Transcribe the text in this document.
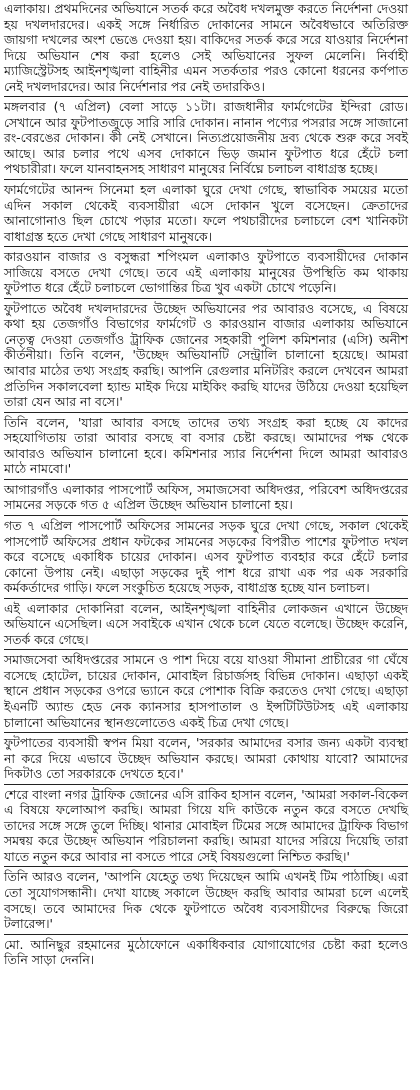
এলাকায়। প্রথমদিনের অভিযানে সতর্ক করে অবৈধ দখলমুক্ত করতে নির্দেশনা দেওয়া হয় দখলদারদের। একই সঙ্গে নির্ধারিত দোকানের সামনে অবৈধভাবে অতিরিক্ত জায়গা দখলের অংশ ভেঙে দেওয়া হয়। বাকিদের সতর্ক করে সরে যাওয়ার নির্দেশনা দিয়ে অভিযান শেষ করা হলেও সেই অভিযানের সুফল মেলেনি। নির্বাহী ম্যাজিস্ট্রেটসহ আইনশৃঙ্খলা বাহিনীর এমন সতর্কতার পরও কোনো ধরনের কর্ণপাত নেই দখলদারদের। আর নির্দেশনার পর নেই তদারকিও।

মঙ্গলবার (৭ এপ্রিল) বেলা সাড়ে ১১টা। রাজধানীর ফার্মগেটের ইন্দিরা রোড। সেখানে আর ফুটপাতজুড়ে সারি সারি দোকান। নানান পণ্যের পসরার সঙ্গে সাজানো রং-বেরঙের দোকান। কী নেই সেখানে। নিত্যপ্রয়োজনীয় দ্রব্য থেকে শুরু করে সবই আছে। আর চলার পথে এসব দোকানে ভিড় জমান ফুটপাত ধরে হেঁটে চলা পথচারীরা। ফলে যানবাহনসহ সাধারণ মানুষের নির্বিঘ্নে চলাচল বাধাগ্রস্ত হচ্ছে।

ফার্মগেটের আনন্দ সিনেমা হল এলাকা ঘুরে দেখা গেছে, স্বাভাবিক সময়ের মতো এদিন সকাল থেকেই ব্যবসায়ীরা এসে দোকান খুলে বসেছেন। ক্রেতাদের আনাগোনাও ছিল চোখে পড়ার মতো। ফলে পথচারীদের চলাচলে বেশ খানিকটা বাধাগ্রস্ত হতে দেখা গেছে সাধারণ মানুষকে।

কারওয়ান বাজার ও বসুন্ধরা শপিংমল এলাকাও ফুটপাতে ব্যবসায়ীদের দোকান সাজিয়ে বসতে দেখা গেছে। তবে এই এলাকায় মানুষের উপস্থিতি কম থাকায় ফুটপাত ধরে হেঁটে চলাচলে ভোগান্তির চিত্র খুব একটা চোখে পড়েনি।

ফুটপাতে অবৈধ দখলদারদের উচ্ছেদ অভিযানের পর আবারও বসেছে, এ বিষয়ে কথা হয় তেজগাঁও বিভাগের ফার্মগেট ও কারওয়ান বাজার এলাকায় অভিযানে নেতৃত্ব দেওয়া তেজগাঁও ট্রাফিক জোনের সহকারী পুলিশ কমিশনার (এসি) অনীশ কীর্তনীয়া। তিনি বলেন, 'উচ্ছেদ অভিযানটি সেন্ট্রালি চালানো হয়েছে। আমরা আবার মাঠের তথ্য সংগ্রহ করছি। আপনি রেগুলার মনিটরিং করলে দেখবেন আমরা প্রতিদিন সকালবেলা হ্যান্ড মাইক দিয়ে মাইকিং করছি যাদের উঠিয়ে দেওয়া হয়েছিল তারা যেন আর না বসে।'

তিনি বলেন, 'যারা আবার বসছে তাদের তথ্য সংগ্রহ করা হচ্ছে যে কাদের সহযোগিতায় তারা আবার বসছে বা বসার চেষ্টা করছে। আমাদের পক্ষ থেকে আবারও অভিযান চালানো হবে। কমিশনার স্যার নির্দেশনা দিলে আমরা আবারও মাঠে নামবো।'

আগারগাঁও এলাকার পাসপোর্ট অফিস, সমাজসেবা অধিদপ্তর, পরিবেশ অধিদপ্তরের সামনের সড়কে গত ৫ এপ্রিল উচ্ছেদ অভিযান চালানো হয়।

গত ৭ এপ্রিল পাসপোর্ট অফিসের সামনের সড়ক ঘুরে দেখা গেছে, সকাল থেকেই পাসপোর্ট অফিসের প্রধান ফটকের সামনের সড়কের বিপরীত পাশের ফুটপাত দখল করে বসেছে একাধিক চায়ের দোকান। এসব ফুটপাত ব্যবহার করে হেঁটে চলার কোনো উপায় নেই। এছাড়া সড়কের দুই পাশ ধরে রাখা এক পর এক সরকারি কর্মকর্তাদের গাড়ি। ফলে সংকুচিত হয়েছে সড়ক, বাধাগ্রস্ত হচ্ছে যান চলাচল।

এই এলাকার দোকানিরা বলেন, আইনশৃঙ্খলা বাহিনীর লোকজন এখানে উচ্ছেদ অভিযানে এসেছিল। এসে সবাইকে এখান থেকে চলে যেতে বলেছে। উচ্ছেদ করেনি, সতর্ক করে গেছে।

সমাজসেবা অধিদপ্তরের সামনে ও পাশ দিয়ে বয়ে যাওয়া সীমানা প্রাচীরের গা ঘেঁষে বসেছে হোটেল, চায়ের দোকান, মোবাইল রিচার্জসহ বিভিন্ন দোকান। এছাড়া একই স্থানে প্রধান সড়কের ওপরে ভ্যানে করে পোশাক বিক্রি করতেও দেখা গেছে। এছাড়া ইএনটি অ্যান্ড হেড নেক ক্যানসার হাসপাতাল ও ইন্সটিটিউটসহ এই এলাকায় চালানো অভিযানের স্থানগুলোতেও একই চিত্র দেখা গেছে।

ফুটপাতের ব্যবসায়ী স্বপন মিয়া বলেন, 'সরকার আমাদের বসার জন্য একটা ব্যবস্থা না করে দিয়ে এভাবে উচ্ছেদ অভিযান করছে। আমরা কোথায় যাবো? আমাদের দিকটাও তো সরকারকে দেখতে হবে।'

শেরে বাংলা নগর ট্রাফিক জোনের এসি রাকিব হাসান বলেন, 'আমরা সকাল-বিকেল এ বিষয়ে ফলোআপ করছি। আমরা গিয়ে যদি কাউকে নতুন করে বসতে দেখছি তাদের সঙ্গে সঙ্গে তুলে দিচ্ছি। থানার মোবাইল টিমের সঙ্গে আমাদের ট্রাফিক বিভাগ সমন্বয় করে উচ্ছেদ অভিযান পরিচালনা করছি। আমরা যাদের সরিয়ে দিয়েছি তারা যাতে নতুন করে আবার না বসতে পারে সেই বিষয়গুলো নিশ্চিত করছি।'

তিনি আরও বলেন, 'আপনি যেহেতু তথ্য দিয়েছেন আমি এখনই টিম পাঠাচ্ছি। এরা তো সুযোগসন্ধানী। দেখা যাচ্ছে সকালে উচ্ছেদ করছি আবার আমরা চলে এলেই বসছে। তবে আমাদের দিক থেকে ফুটপাতে অবৈধ ব্যবসায়ীদের বিরুদ্ধে জিরো টলারেন্স।'

মো. আনিছুর রহমানের মুঠোফোনে একাধিকবার যোগাযোগের চেষ্টা করা হলেও তিনি সাড়া দেননি।
